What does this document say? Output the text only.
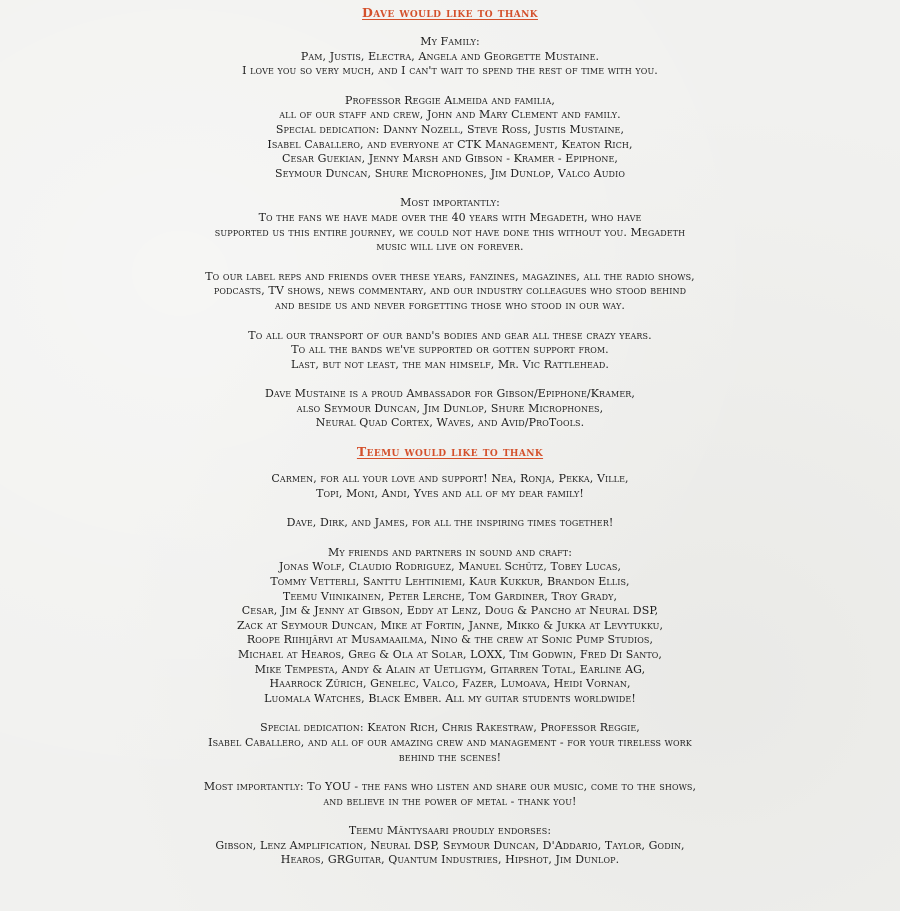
Dave would like to thank
My Family:
Pam, Justis, Electra, Angela and Georgette Mustaine.
I love you so very much, and I can't wait to spend the rest of time with you.
Professor Reggie Almeida and familia,
all of our staff and crew, John and Mary Clement and family.
Special dedication: Danny Nozell, Steve Ross, Justis Mustaine,
Isabel Caballero, and everyone at CTK Management, Keaton Rich,
Cesar Guekian, Jenny Marsh and Gibson - Kramer - Epiphone,
Seymour Duncan, Shure Microphones, Jim Dunlop, Valco Audio
Most importantly:
To the fans we have made over the 40 years with Megadeth, who have
supported us this entire journey, we could not have done this without you. Megadeth
music will live on forever.
To our label reps and friends over these years, fanzines, magazines, all the radio shows,
podcasts, TV shows, news commentary, and our industry colleagues who stood behind
and beside us and never forgetting those who stood in our way.
To all our transport of our band's bodies and gear all these crazy years.
To all the bands we've supported or gotten support from.
Last, but not least, the man himself, Mr. Vic Rattlehead.
Dave Mustaine is a proud Ambassador for Gibson/Epiphone/Kramer,
also Seymour Duncan, Jim Dunlop, Shure Microphones,
Neural Quad Cortex, Waves, and Avid/ProTools.
Teemu would like to thank
Carmen, for all your love and support! Nea, Ronja, Pekka, Ville,
Topi, Moni, Andi, Yves and all of my dear family!
Dave, Dirk, and James, for all the inspiring times together!
My friends and partners in sound and craft:
Jonas Wolf, Claudio Rodriguez, Manuel Schütz, Tobey Lucas,
Tommy Vetterli, Santtu Lehtiniemi, Kaur Kukkur, Brandon Ellis,
Teemu Viinikainen, Peter Lerche, Tom Gardiner, Troy Grady,
Cesar, Jim & Jenny at Gibson, Eddy at Lenz, Doug & Pancho at Neural DSP,
Zack at Seymour Duncan, Mike at Fortin, Janne, Mikko & Jukka at Levytukku,
Roope Riihijärvi at Musamaailma, Nino & the crew at Sonic Pump Studios,
Michael at Hearos, Greg & Ola at Solar, LOXX, Tim Godwin, Fred Di Santo,
Mike Tempesta, Andy & Alain at Uetligym, Gitarren Total, Earline AG,
Haarrock Zürich, Genelec, Valco, Fazer, Lumoava, Heidi Vornan,
Luomala Watches, Black Ember. All my guitar students worldwide!
Special dedication: Keaton Rich, Chris Rakestraw, Professor Reggie,
Isabel Caballero, and all of our amazing crew and management - for your tireless work
behind the scenes!
Most importantly: To YOU - the fans who listen and share our music, come to the shows,
and believe in the power of metal - thank you!
Teemu Mäntysaari proudly endorses:
Gibson, Lenz Amplification, Neural DSP, Seymour Duncan, D'Addario, Taylor, Godin,
Hearos, GRGuitar, Quantum Industries, Hipshot, Jim Dunlop.
